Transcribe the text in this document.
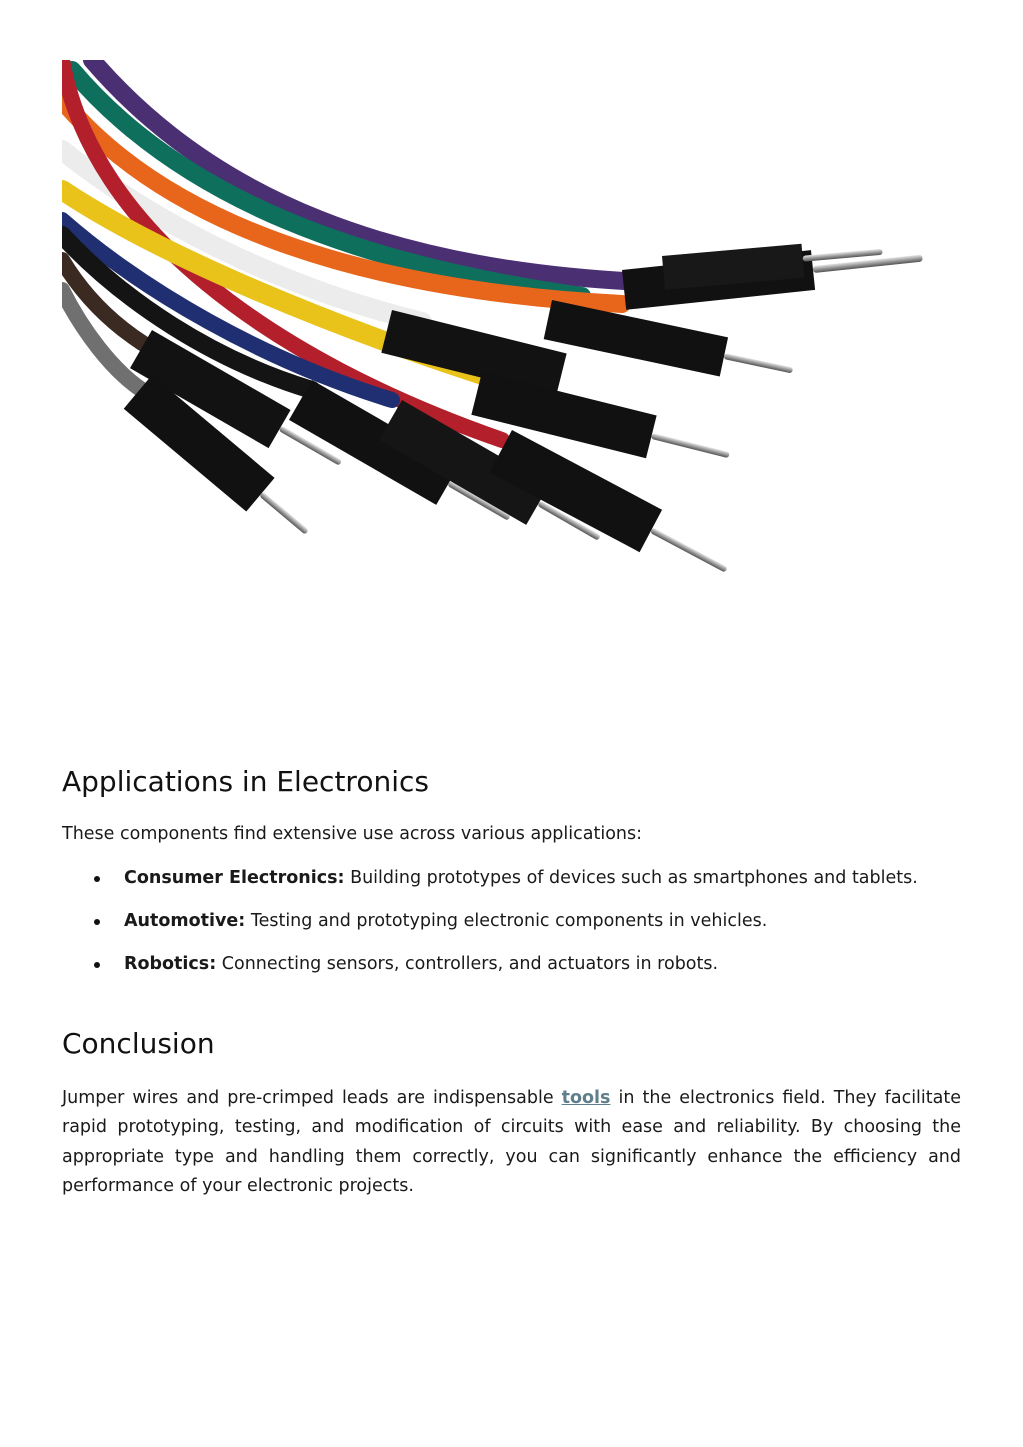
Applications in Electronics

These components find extensive use across various applications:

Consumer Electronics: Building prototypes of devices such as smartphones and tablets.
Automotive: Testing and prototyping electronic components in vehicles.
Robotics: Connecting sensors, controllers, and actuators in robots.
Conclusion

Jumper wires and pre-crimped leads are indispensable tools in the electronics field. They facilitate rapid prototyping, testing, and modification of circuits with ease and reliability. By choosing the appropriate type and handling them correctly, you can significantly enhance the efficiency and performance of your electronic projects.
